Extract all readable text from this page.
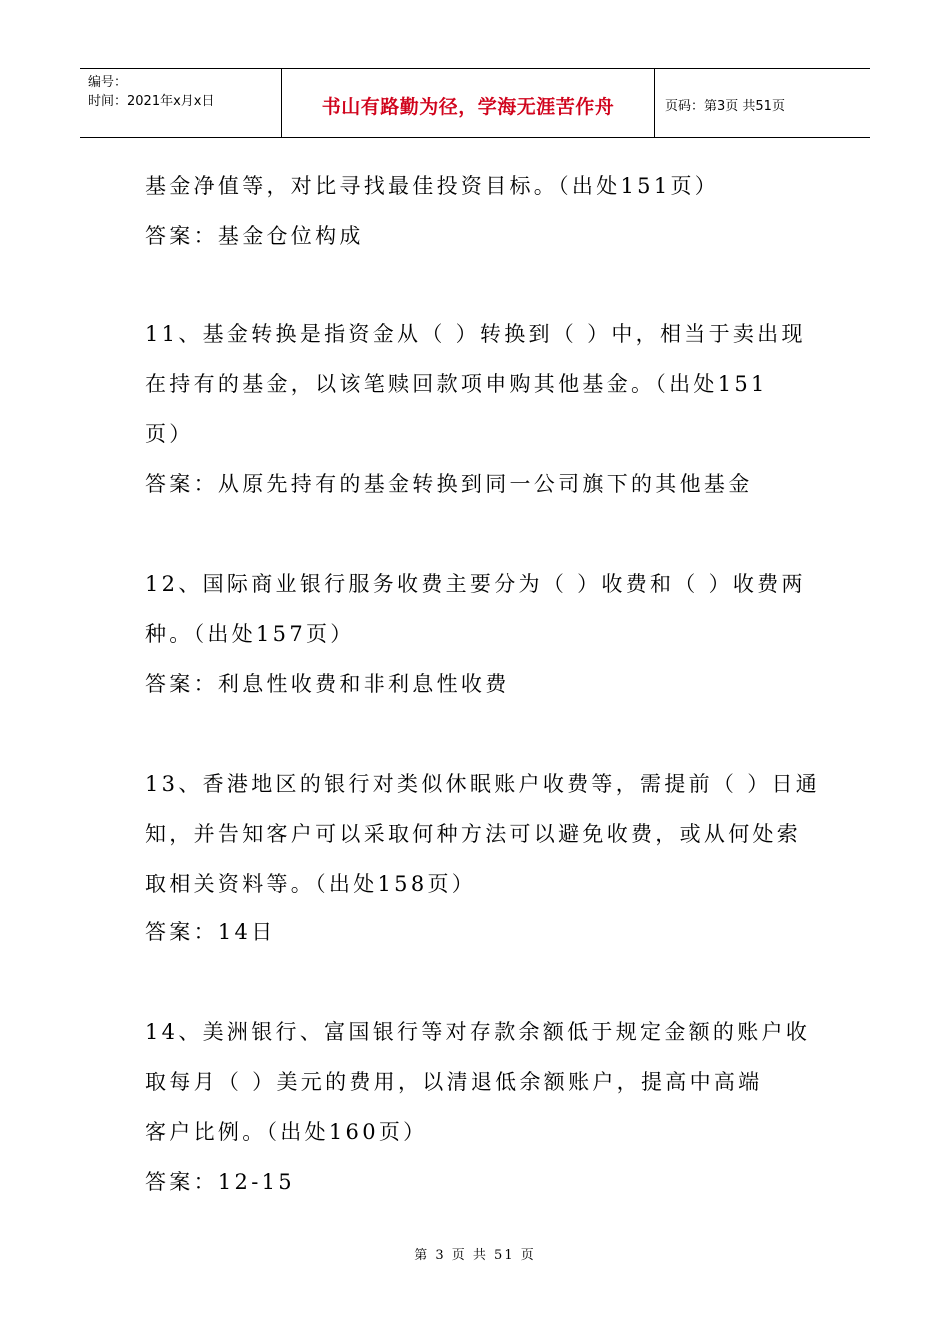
编号：
时间：2021年x月x日	书山有路勤为径，学海无涯苦作舟	页码：第3页 共51页
基金净值等，对比寻找最佳投资目标。（出处151页）
答案：基金仓位构成
11、基金转换是指资金从（ ）转换到（ ）中，相当于卖出现
在持有的基金，以该笔赎回款项申购其他基金。（出处151
页）
答案：从原先持有的基金转换到同一公司旗下的其他基金
12、国际商业银行服务收费主要分为（ ）收费和（ ）收费两
种。（出处157页）
答案：利息性收费和非利息性收费
13、香港地区的银行对类似休眠账户收费等，需提前（ ）日通
知，并告知客户可以采取何种方法可以避免收费，或从何处索
取相关资料等。（出处158页）
答案：14日
14、美洲银行、富国银行等对存款余额低于规定金额的账户收
取每月（ ）美元的费用，以清退低余额账户，提高中高端
客户比例。（出处160页）
答案：12-15
第 3 页 共 51 页
